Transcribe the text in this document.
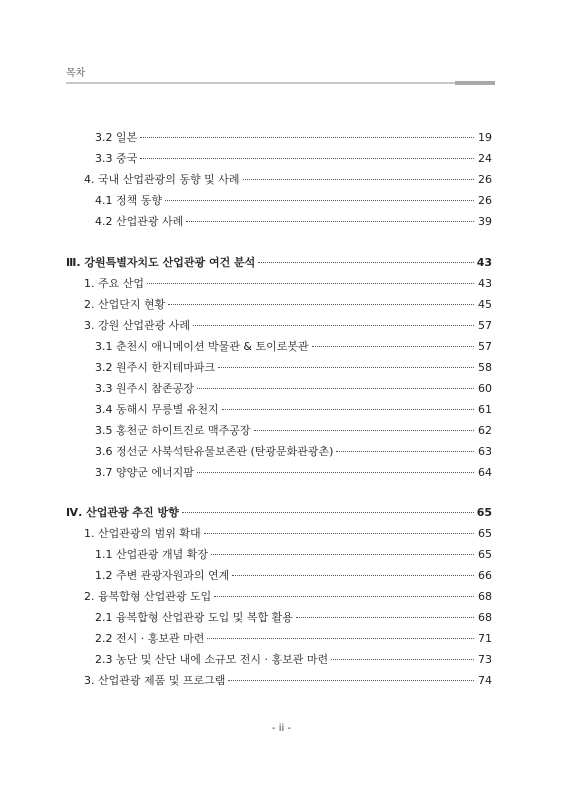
목차
3.2 일본	19
3.3 중국	24
4. 국내 산업관광의 동향 및 사례	26
4.1 정책 동향	26
4.2 산업관광 사례	39
Ⅲ. 강원특별자치도 산업관광 여건 분석	43
1. 주요 산업	43
2. 산업단지 현황	45
3. 강원 산업관광 사례	57
3.1 춘천시 애니메이션 박물관 & 토이로봇관	57
3.2 원주시 한지테마파크	58
3.3 원주시 참존공장	60
3.4 동해시 무릉별 유천지	61
3.5 홍천군 하이트진로 맥주공장	62
3.6 정선군 사북석탄유물보존관 (탄광문화관광촌)	63
3.7 양양군 에너지팜	64
Ⅳ. 산업관광 추진 방향	65
1. 산업관광의 범위 확대	65
1.1 산업관광 개념 확장	65
1.2 주변 관광자원과의 연계	66
2. 융복합형 산업관광 도입	68
2.1 융복합형 산업관광 도입 및 복합 활용	68
2.2 전시 · 홍보관 마련	71
2.3 농단 및 산단 내에 소규모 전시 · 홍보관 마련	73
3. 산업관광 제품 및 프로그램	74
- ii -
